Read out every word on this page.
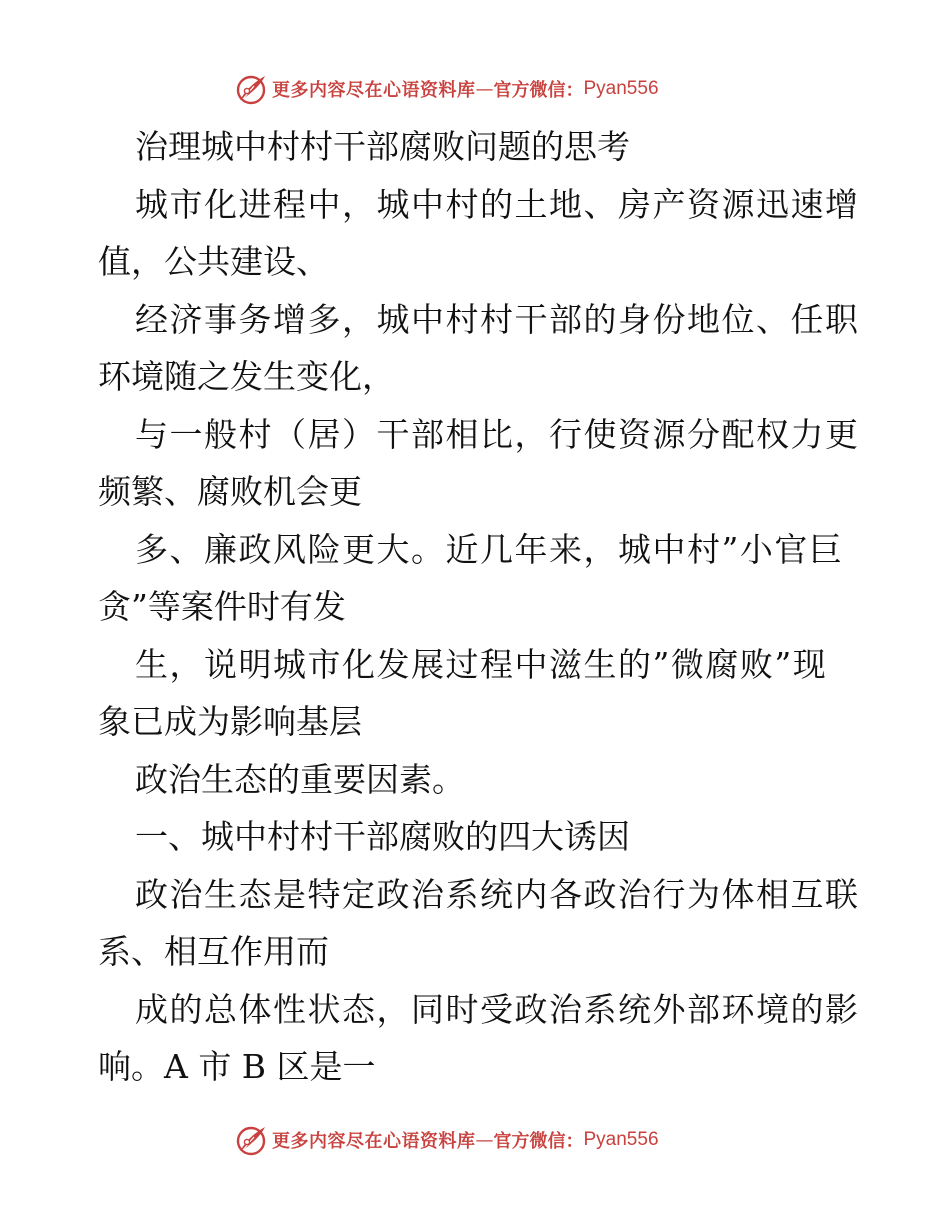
更多内容尽在心语资料库 — 官方微信： Pyan556
治理城中村村干部腐败问题的思考
城市化进程中，城中村的土地、房产资源迅速增
值，公共建设、
经济事务增多，城中村村干部的身份地位、任职
环境随之发生变化，
与一般村（居）干部相比，行使资源分配权力更
频繁、腐败机会更
多、廉政风险更大。近几年来，城中村”小官巨
贪”等案件时有发
生，说明城市化发展过程中滋生的”微腐败”现
象已成为影响基层
政治生态的重要因素。
一、城中村村干部腐败的四大诱因
政治生态是特定政治系统内各政治行为体相互联
系、相互作用而
成的总体性状态，同时受政治系统外部环境的影
响。A 市 B 区是一
更多内容尽在心语资料库 — 官方微信： Pyan556
